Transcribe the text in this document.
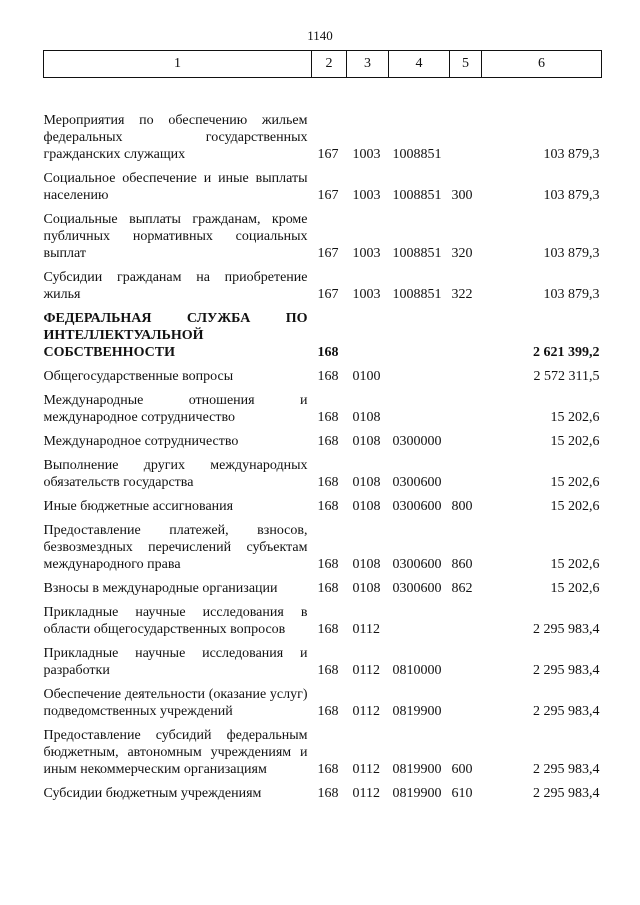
1140
1	2	3	4	5	6
Мероприятия по обеспечению жильем федеральных государственных гражданских служащих	167	1003	1008851		103 879,3
Социальное обеспечение и иные выплаты населению	167	1003	1008851	300	103 879,3
Социальные выплаты гражданам, кроме публичных нормативных социальных выплат	167	1003	1008851	320	103 879,3
Субсидии гражданам на приобретение жилья	167	1003	1008851	322	103 879,3
ФЕДЕРАЛЬНАЯ СЛУЖБА ПО ИНТЕЛЛЕКТУАЛЬНОЙ СОБСТВЕННОСТИ	168				2 621 399,2
Общегосударственные вопросы	168	0100			2 572 311,5
Международные отношения и международное сотрудничество	168	0108			15 202,6
Международное сотрудничество	168	0108	0300000		15 202,6
Выполнение других международных обязательств государства	168	0108	0300600		15 202,6
Иные бюджетные ассигнования	168	0108	0300600	800	15 202,6
Предоставление платежей, взносов, безвозмездных перечислений субъектам международного права	168	0108	0300600	860	15 202,6
Взносы в международные организации	168	0108	0300600	862	15 202,6
Прикладные научные исследования в области общегосударственных вопросов	168	0112			2 295 983,4
Прикладные научные исследования и разработки	168	0112	0810000		2 295 983,4
Обеспечение деятельности (оказание услуг) подведомственных учреждений	168	0112	0819900		2 295 983,4
Предоставление субсидий федеральным бюджетным, автономным учреждениям и иным некоммерческим организациям	168	0112	0819900	600	2 295 983,4
Субсидии бюджетным учреждениям	168	0112	0819900	610	2 295 983,4
